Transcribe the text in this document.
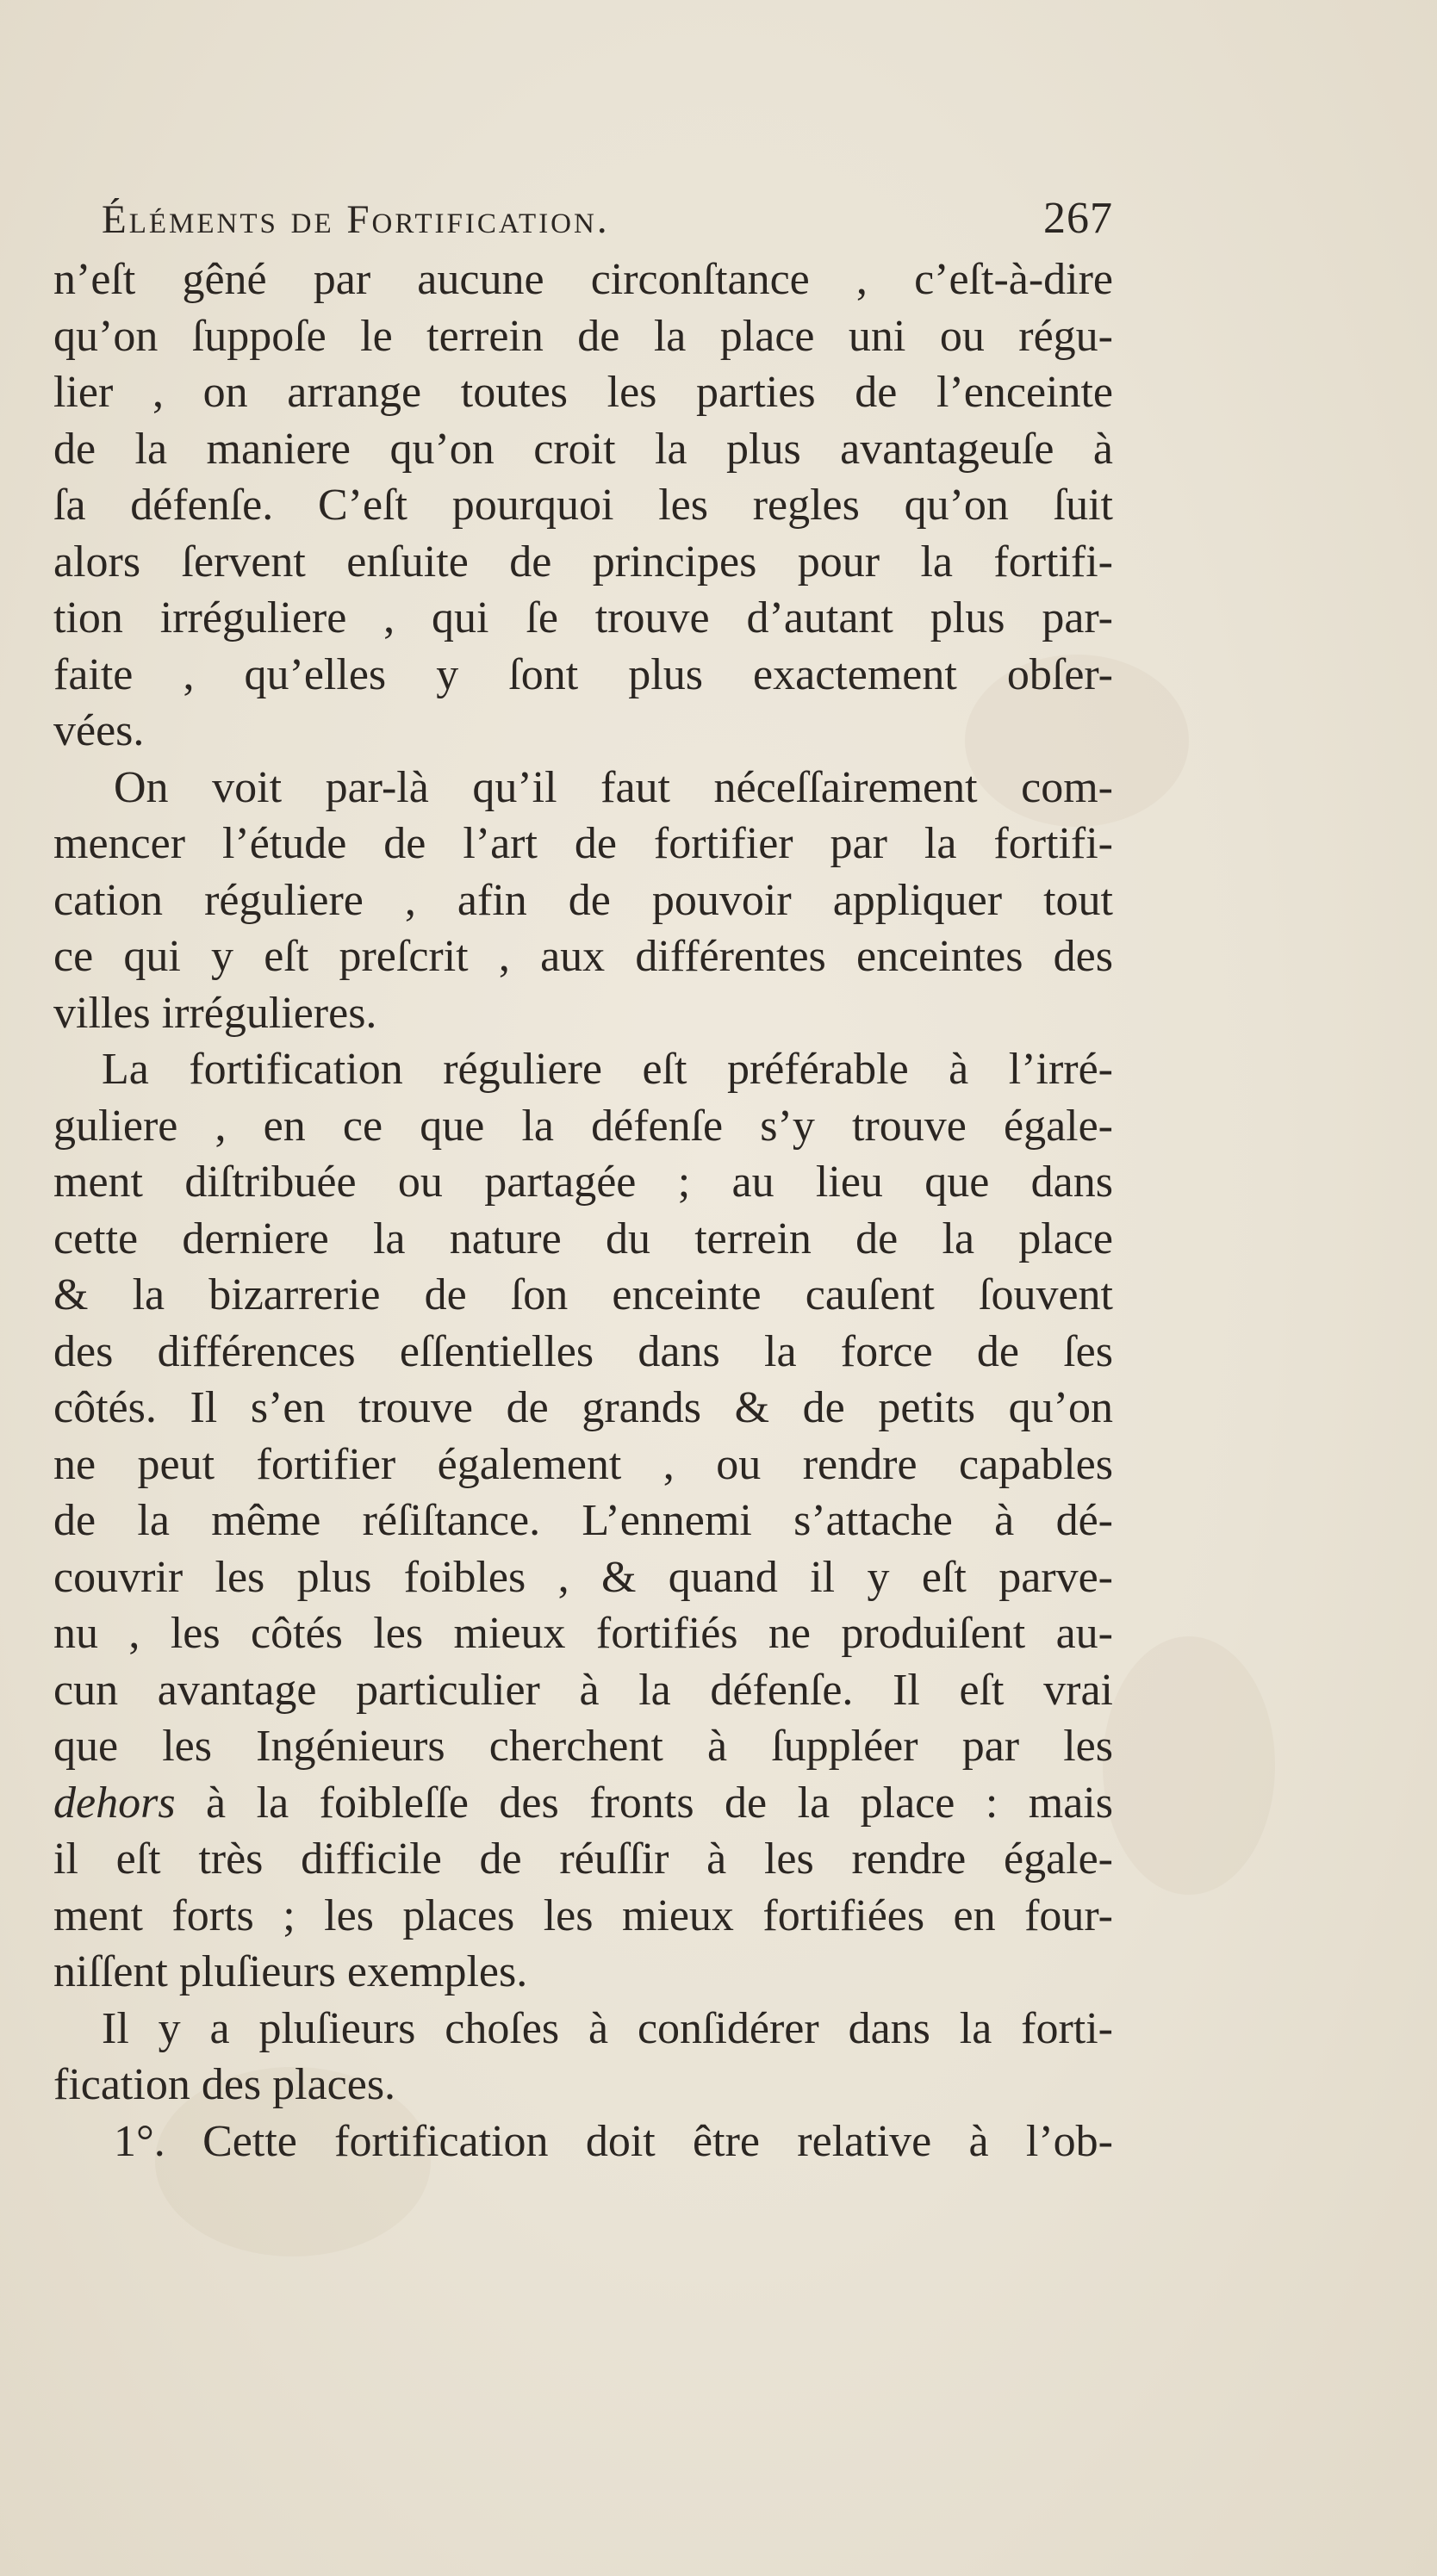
Éléments de Fortification.	267
n’eſt gêné par aucune circonſtance , c’eſt-à-dire
qu’on ſuppoſe le terrein de la place uni ou régu-
lier , on arrange toutes les parties de l’enceinte
de la maniere qu’on croit la plus avantageuſe à
ſa défenſe. C’eſt pourquoi les regles qu’on ſuit
alors ſervent enſuite de principes pour la fortifi-
tion irréguliere , qui ſe trouve d’autant plus par-
faite , qu’elles y ſont plus exactement obſer-
vées.
On voit par-là qu’il faut néceſſairement com-
mencer l’étude de l’art de fortifier par la fortifi-
cation réguliere , afin de pouvoir appliquer tout
ce qui y eſt preſcrit , aux différentes enceintes des
villes irrégulieres.
La fortification réguliere eſt préférable à l’irré-
guliere , en ce que la défenſe s’y trouve égale-
ment diſtribuée ou partagée ; au lieu que dans
cette derniere la nature du terrein de la place
& la bizarrerie de ſon enceinte cauſent ſouvent
des différences eſſentielles dans la force de ſes
côtés. Il s’en trouve de grands & de petits qu’on
ne peut fortifier également , ou rendre capables
de la même réſiſtance. L’ennemi s’attache à dé-
couvrir les plus foibles , & quand il y eſt parve-
nu , les côtés les mieux fortifiés ne produiſent au-
cun avantage particulier à la défenſe. Il eſt vrai
que les Ingénieurs cherchent à ſuppléer par les
dehors à la foibleſſe des fronts de la place : mais
il eſt très difficile de réuſſir à les rendre égale-
ment forts ; les places les mieux fortifiées en four-
niſſent pluſieurs exemples.
Il y a pluſieurs choſes à conſidérer dans la forti-
fication des places.
1°. Cette fortification doit être relative à l’ob-
